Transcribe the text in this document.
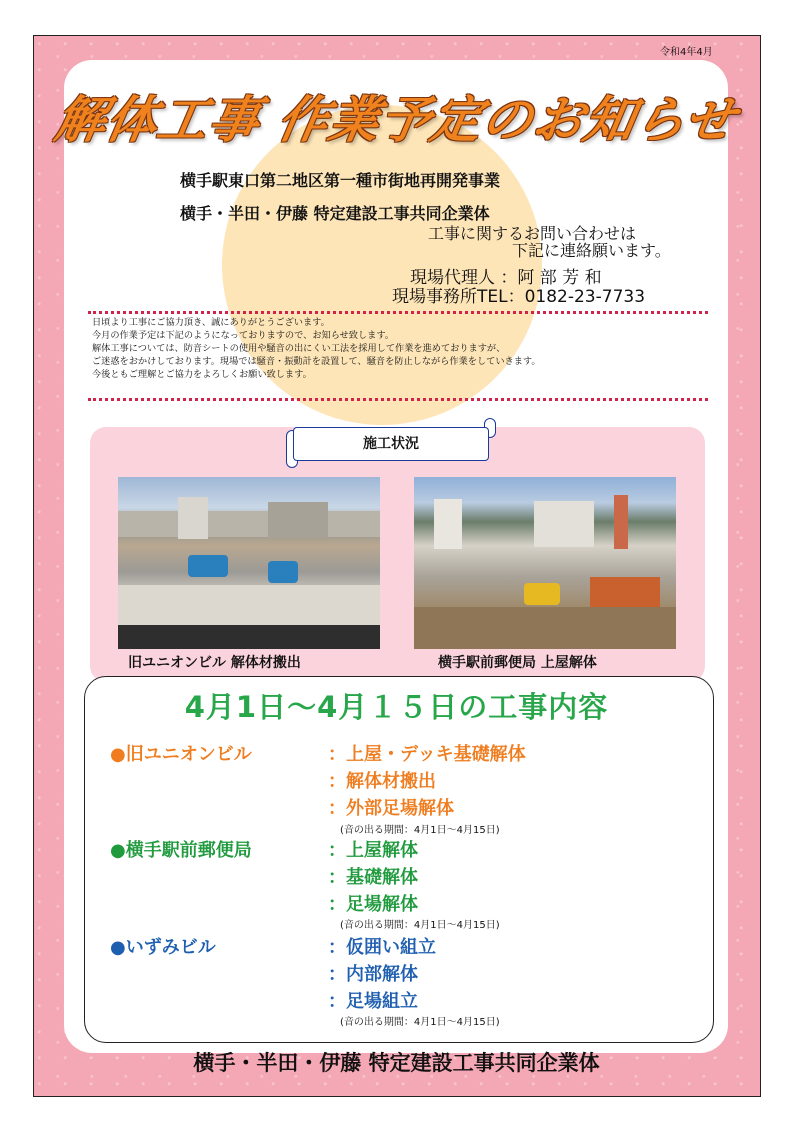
令和4年4月
解体工事 作業予定のお知らせ
横手駅東口第二地区第一種市街地再開発事業
横手・半田・伊藤 特定建設工事共同企業体
工事に関するお問い合わせは
下記に連絡願います。
現場代理人 ：阿 部 芳 和
現場事務所TEL：0182-23-7733
日頃より工事にご協力頂き、誠にありがとうございます。
今月の作業予定は下記のようになっておりますので、お知らせ致します。
解体工事については、防音シートの使用や騒音の出にくい工法を採用して作業を進めておりますが、
ご迷惑をおかけしております。現場では騒音・振動計を設置して、騒音を防止しながら作業をしていきます。
今後ともご理解とご協力をよろしくお願い致します。
施工状況
旧ユニオンビル 解体材搬出	横手駅前郵便局 上屋解体
4月1日～4月１５日の工事内容
●旧ユニオンビル	：上屋・デッキ基礎解体
：解体材搬出
：外部足場解体
(音の出る期間：4月1日～4月15日)
●横手駅前郵便局	：上屋解体
：基礎解体
：足場解体
(音の出る期間：4月1日～4月15日)
●いずみビル	：仮囲い組立
：内部解体
：足場組立
(音の出る期間：4月1日～4月15日)
横手・半田・伊藤 特定建設工事共同企業体
